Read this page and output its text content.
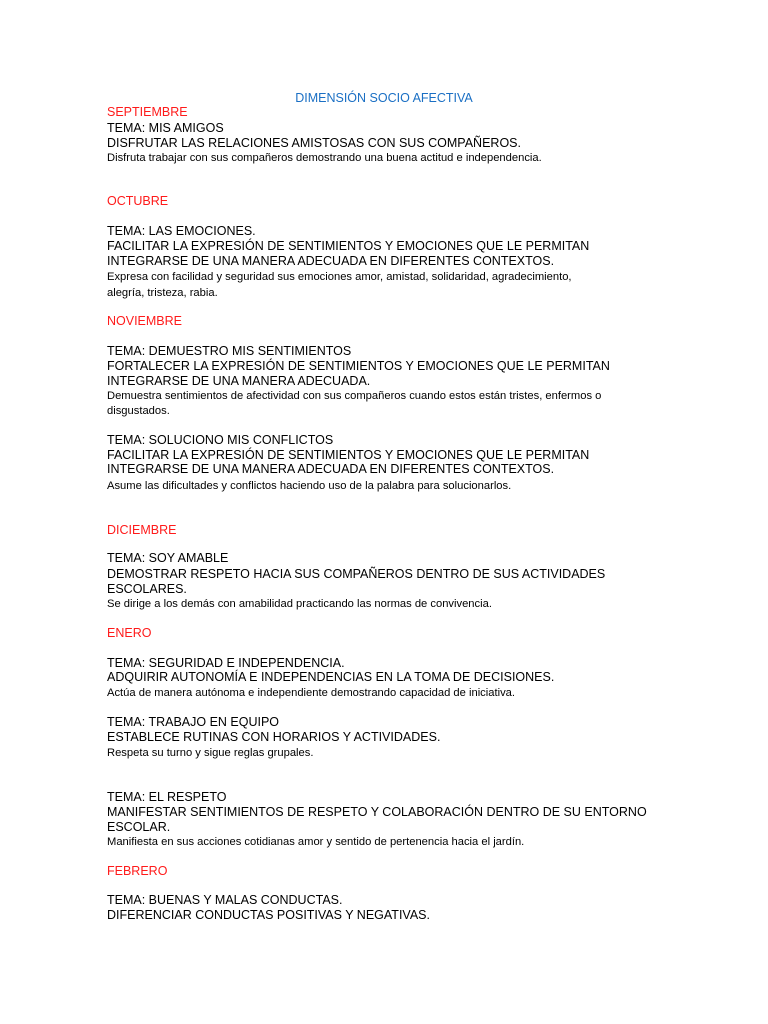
DIMENSIÓN SOCIO AFECTIVA
SEPTIEMBRE
TEMA: MIS AMIGOS
DISFRUTAR LAS RELACIONES AMISTOSAS CON SUS COMPAÑEROS.
Disfruta trabajar con sus compañeros demostrando una buena actitud e independencia.
OCTUBRE
TEMA: LAS EMOCIONES.
FACILITAR LA EXPRESIÓN DE SENTIMIENTOS Y EMOCIONES QUE LE PERMITAN
INTEGRARSE DE UNA MANERA ADECUADA EN DIFERENTES CONTEXTOS.
Expresa con facilidad y seguridad sus emociones amor, amistad, solidaridad, agradecimiento,
alegría, tristeza, rabia.
NOVIEMBRE
TEMA: DEMUESTRO MIS SENTIMIENTOS
FORTALECER LA EXPRESIÓN DE SENTIMIENTOS Y EMOCIONES QUE LE PERMITAN
INTEGRARSE DE UNA MANERA ADECUADA.
Demuestra sentimientos de afectividad con sus compañeros cuando estos están tristes, enfermos o
disgustados.
TEMA: SOLUCIONO MIS CONFLICTOS
FACILITAR LA EXPRESIÓN DE SENTIMIENTOS Y EMOCIONES QUE LE PERMITAN
INTEGRARSE DE UNA MANERA ADECUADA EN DIFERENTES CONTEXTOS.
Asume las dificultades y conflictos haciendo uso de la palabra para solucionarlos.
DICIEMBRE
TEMA: SOY AMABLE
DEMOSTRAR RESPETO HACIA SUS COMPAÑEROS DENTRO DE SUS ACTIVIDADES
ESCOLARES.
Se dirige a los demás con amabilidad practicando las normas de convivencia.
ENERO
TEMA: SEGURIDAD E INDEPENDENCIA.
ADQUIRIR AUTONOMÍA E INDEPENDENCIAS EN LA TOMA DE DECISIONES.
Actúa de manera autónoma e independiente demostrando capacidad de iniciativa.
TEMA: TRABAJO EN EQUIPO
ESTABLECE RUTINAS CON HORARIOS Y ACTIVIDADES.
Respeta su turno y sigue reglas grupales.
TEMA: EL RESPETO
MANIFESTAR SENTIMIENTOS DE RESPETO Y COLABORACIÓN DENTRO DE SU ENTORNO
ESCOLAR.
Manifiesta en sus acciones cotidianas amor y sentido de pertenencia hacia el jardín.
FEBRERO
TEMA: BUENAS Y MALAS CONDUCTAS.
DIFERENCIAR CONDUCTAS POSITIVAS Y NEGATIVAS.
